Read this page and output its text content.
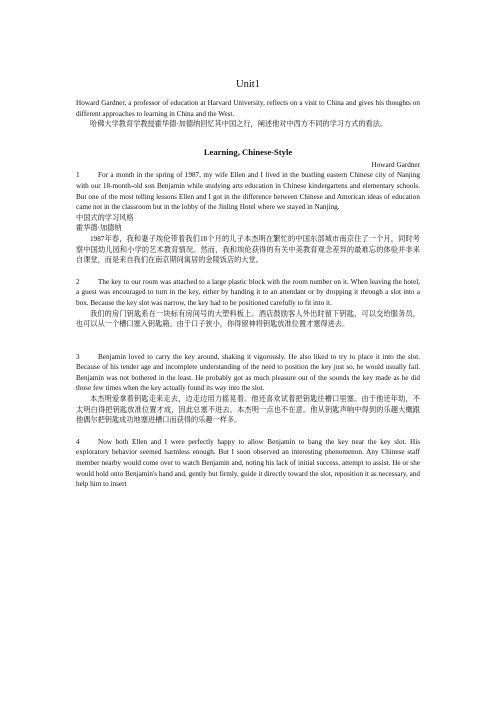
Unit1

Howard Gardner, a professor of education at Harvard University, reflects on a visit to China and gives his thoughts on different approaches to learning in China and the West.

哈佛大学教育学教授霍华德·加德纳回忆其中国之行，阐述他对中西方不同的学习方式的看法。

Learning, Chinese-Style

Howard Gardner

1	For a month in the spring of 1987, my wife Ellen and I lived in the bustling eastern Chinese city of Nanjing with our 18-month-old son Benjamin while studying arts education in Chinese kindergartens and elementary schools. But one of the most telling lessons Ellen and I got in the difference between Chinese and American ideas of education came not in the classroom but in the lobby of the Jinling Hotel where we stayed in Nanjing.

中国式的学习风格

霍华德·加德纳

1987年春，我和妻子埃伦带着我们18个月的儿子本杰明在繁忙的中国东部城市南京住了一个月，同时考察中国幼儿园和小学的艺术教育情况。然而，我和埃伦获得的有关中美教育观念差异的最难忘的体验并非来自课堂，而是来自我们在南京期间寓居的金陵饭店的大堂。

2	The key to our room was attached to a large plastic block with the room number on it. When leaving the hotel, a guest was encouraged to turn in the key, either by handing it to an attendant or by dropping it through a slot into a box. Because the key slot was narrow, the key had to be positioned carefully to fit into it.

我们的房门钥匙系在一块标有房间号的大塑料板上。酒店鼓励客人外出时留下钥匙，可以交给服务员，也可以从一个槽口塞入钥匙箱。由于口子狭小，你得留神将钥匙放准位置才塞得进去。

3	Benjamin loved to carry the key around, shaking it vigorously. He also liked to try to place it into the slot. Because of his tender age and incomplete understanding of the need to position the key just so, he would usually fail. Benjamin was not bothered in the least. He probably got as much pleasure out of the sounds the key made as he did those few times when the key actually found its way into the slot.

本杰明爱拿着钥匙走来走去，边走边用力摇晃着。他还喜欢试着把钥匙往槽口里塞。由于他还年幼，不太明白得把钥匙放准位置才成，因此总塞不进去。本杰明一点也不在意。他从钥匙声响中得到的乐趣大概跟他偶尔把钥匙成功地塞进槽口而获得的乐趣一样多。

4	Now both Ellen and I were perfectly happy to allow Benjamin to bang the key near the key slot. His exploratory behavior seemed harmless enough. But I soon observed an interesting phenomenon. Any Chinese staff member nearby would come over to watch Benjamin and, noting his lack of initial success, attempt to assist. He or she would hold onto Benjamin's hand and, gently but firmly, guide it directly toward the slot, reposition it as necessary, and help him to insert
